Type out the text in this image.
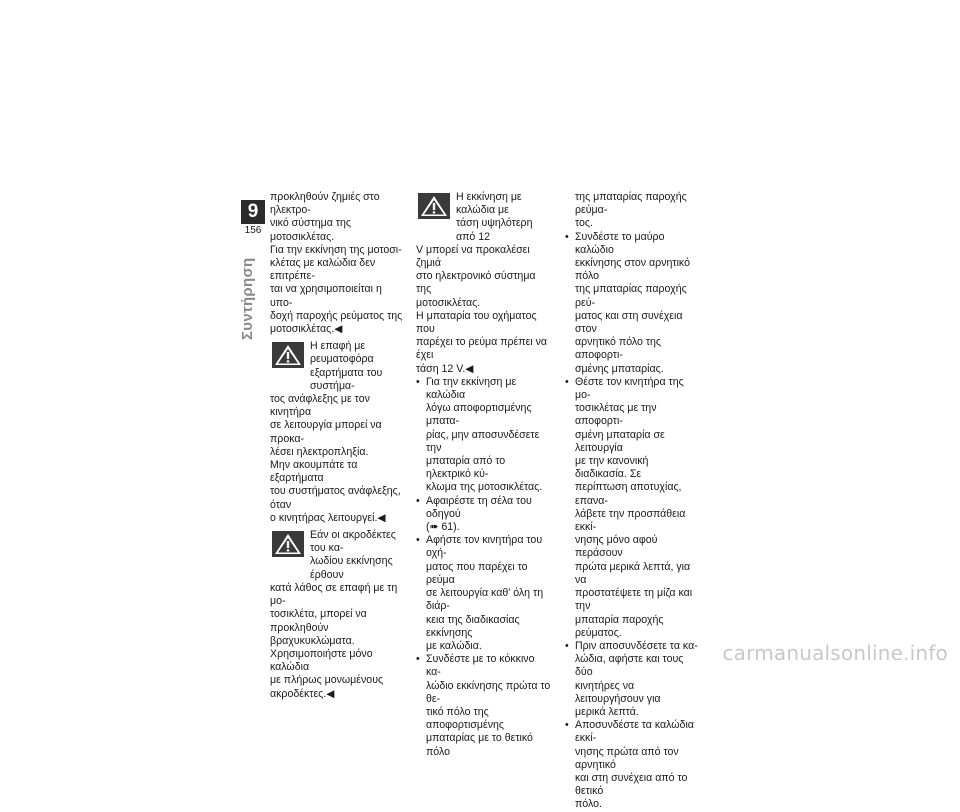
9
156
Συντήρηση

προκληθούν ζημιές στο ηλεκτρο-
νικό σύστημα της μοτοσικλέτας.
Για την εκκίνηση της μοτοσι-
κλέτας με καλώδια δεν επιτρέπε-
ται να χρησιμοποιείται η υπο-
δοχή παροχής ρεύματος της
μοτοσικλέτας.◀

Η επαφή με ρευματοφόρα
εξαρτήματα του συστήμα-

τος ανάφλεξης με τον κινητήρα
σε λειτουργία μπορεί να προκα-
λέσει ηλεκτροπληξία.
Μην ακουμπάτε τα εξαρτήματα
του συστήματος ανάφλεξης, όταν
ο κινητήρας λειτουργεί.◀

Εάν οι ακροδέκτες του κα-
λωδίου εκκίνησης έρθουν

κατά λάθος σε επαφή με τη μο-
τοσικλέτα, μπορεί να προκληθούν
βραχυκυκλώματα.
Χρησιμοποιήστε μόνο καλώδια
με πλήρως μονωμένους
ακροδέκτες.◀

Η εκκίνηση με καλώδια με
τάση υψηλότερη από 12

V μπορεί να προκαλέσει ζημιά
στο ηλεκτρονικό σύστημα της
μοτοσικλέτας.
Η μπαταρία του οχήματος που
παρέχει το ρεύμα πρέπει να έχει
τάση 12 V.◀

• Για την εκκίνηση με καλώδια
λόγω αποφορτισμένης μπατα-
ρίας, μην αποσυνδέσετε την
μπαταρία από το ηλεκτρικό κύ-
κλωμα της μοτοσικλέτας.
• Αφαιρέστε τη σέλα του οδηγού
(➠ 61).
• Αφήστε τον κινητήρα του οχή-
ματος που παρέχει το ρεύμα
σε λειτουργία καθ' όλη τη διάρ-
κεια της διαδικασίας εκκίνησης
με καλώδια.
• Συνδέστε με το κόκκινο κα-
λώδιο εκκίνησης πρώτα το θε-
τικό πόλο της αποφορτισμένης
μπαταρίας με το θετικό πόλο
της μπαταρίας παροχής ρεύμα-
τος.
• Συνδέστε το μαύρο καλώδιο
εκκίνησης στον αρνητικό πόλο
της μπαταρίας παροχής ρεύ-
ματος και στη συνέχεια στον
αρνητικό πόλο της αποφορτι-
σμένης μπαταρίας.
• Θέστε τον κινητήρα της μο-
τοσικλέτας με την αποφορτι-
σμένη μπαταρία σε λειτουργία
με την κανονική διαδικασία. Σε
περίπτωση αποτυχίας, επανα-
λάβετε την προσπάθεια εκκί-
νησης μόνο αφού περάσουν
πρώτα μερικά λεπτά, για να
προστατέψετε τη μίζα και την
μπαταρία παροχής ρεύματος.
• Πριν αποσυνδέσετε τα κα-
λώδια, αφήστε και τους δύο
κινητήρες να λειτουργήσουν για
μερικά λεπτά.
• Αποσυνδέστε τα καλώδια εκκί-
νησης πρώτα από τον αρνητικό
και στη συνέχεια από το θετικό
πόλο.
carmanualsonline.info
